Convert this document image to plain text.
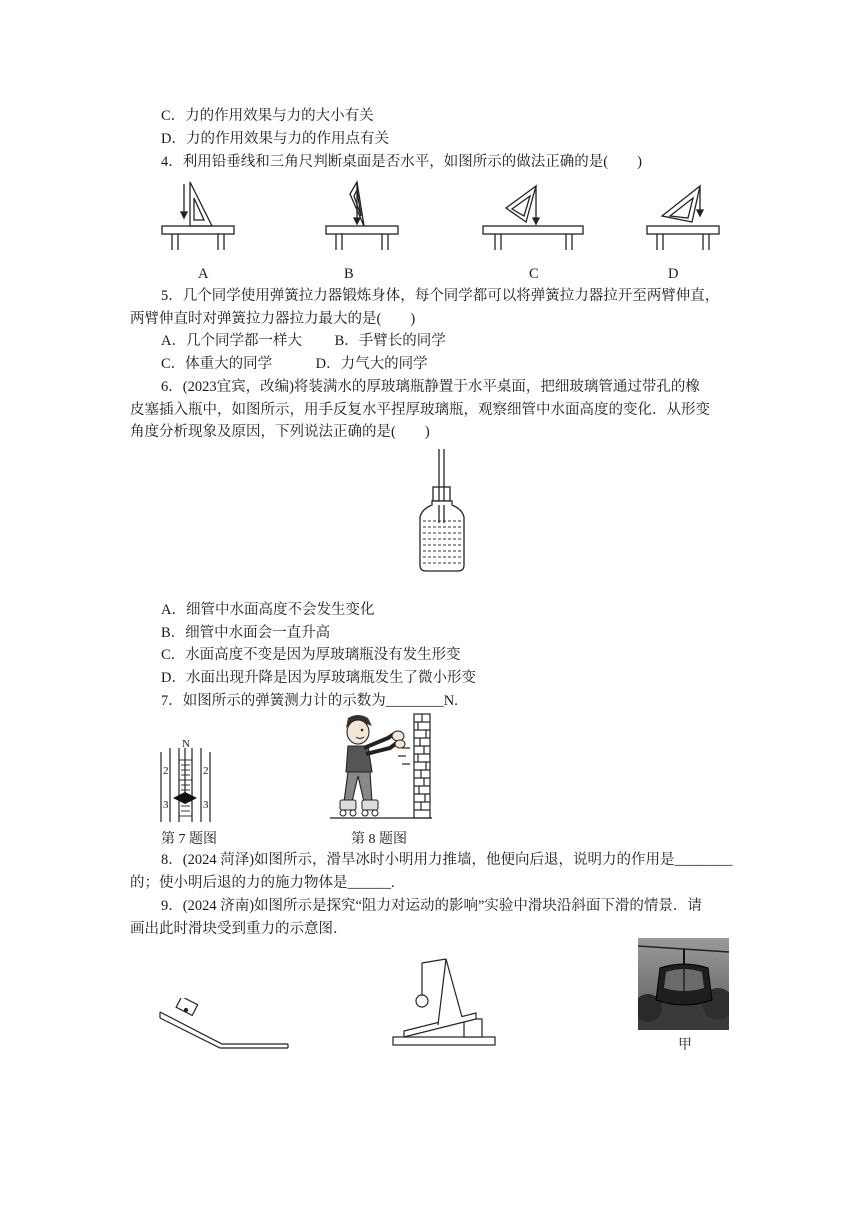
C．力的作用效果与力的大小有关
D．力的作用效果与力的作用点有关
4．利用铅垂线和三角尺判断桌面是否水平，如图所示的做法正确的是(　　)
A	B	C	D
5．几个同学使用弹簧拉力器锻炼身体，每个同学都可以将弹簧拉力器拉开至两臂伸直，
两臂伸直时对弹簧拉力器拉力最大的是(　　)
A．几个同学都一样大　　 B．手臂长的同学
C．体重大的同学　　　D．力气大的同学
6．(2023宜宾，改编)将装满水的厚玻璃瓶静置于水平桌面，把细玻璃管通过带孔的橡
皮塞插入瓶中，如图所示，用手反复水平捏厚玻璃瓶，观察细管中水面高度的变化．从形变
角度分析现象及原因，下列说法正确的是(　　)
A．细管中水面高度不会发生变化
B．细管中水面会一直升高
C．水面高度不变是因为厚玻璃瓶没有发生形变
D．水面出现升降是因为厚玻璃瓶发生了微小形变
7．如图所示的弹簧测力计的示数为________N.
N
2	2
3	3
第 7 题图	第 8 题图
8．(2024 菏泽)如图所示，滑旱冰时小明用力推墙，他便向后退，说明力的作用是________
的；使小明后退的力的施力物体是______.
9．(2024 济南)如图所示是探究“阻力对运动的影响”实验中滑块沿斜面下滑的情景．请
画出此时滑块受到重力的示意图．
甲
